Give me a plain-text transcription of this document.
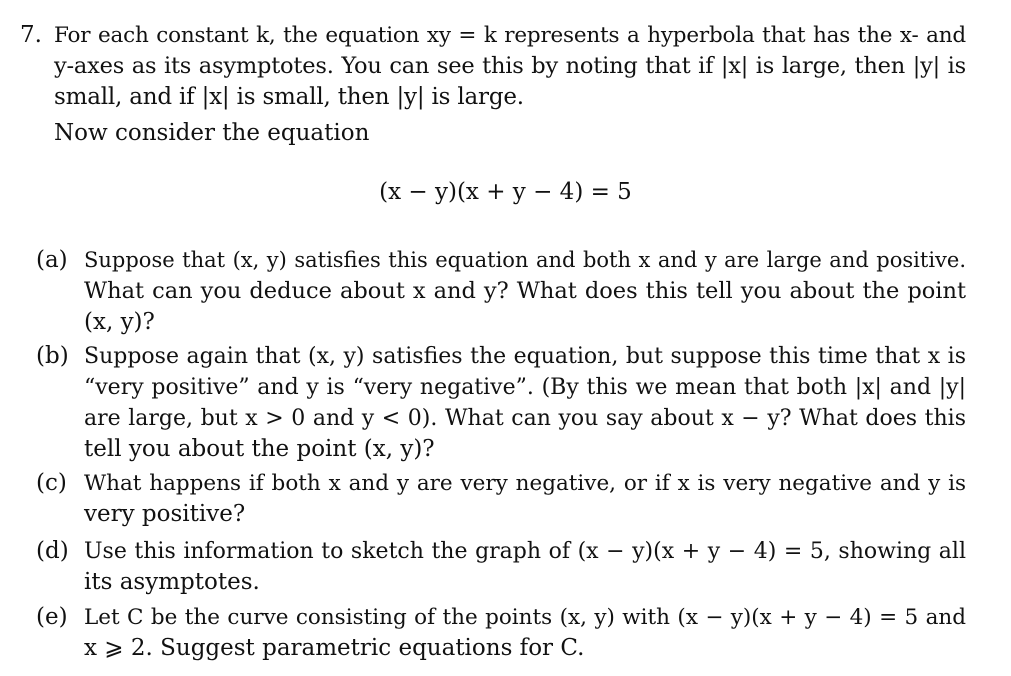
7. For each constant k, the equation xy = k represents a hyperbola that has the x- and
y-axes as its asymptotes. You can see this by noting that if |x| is large, then |y| is
small, and if |x| is small, then |y| is large.
Now consider the equation
(x − y)(x + y − 4) = 5
(a) Suppose that (x, y) satisfies this equation and both x and y are large and positive.
What can you deduce about x and y? What does this tell you about the point
(x, y)?
(b) Suppose again that (x, y) satisfies the equation, but suppose this time that x is
“very positive” and y is “very negative”. (By this we mean that both |x| and |y|
are large, but x > 0 and y < 0). What can you say about x − y? What does this
tell you about the point (x, y)?
(c) What happens if both x and y are very negative, or if x is very negative and y is
very positive?
(d) Use this information to sketch the graph of (x − y)(x + y − 4) = 5, showing all
its asymptotes.
(e) Let C be the curve consisting of the points (x, y) with (x − y)(x + y − 4) = 5 and
x ⩾ 2. Suggest parametric equations for C.
